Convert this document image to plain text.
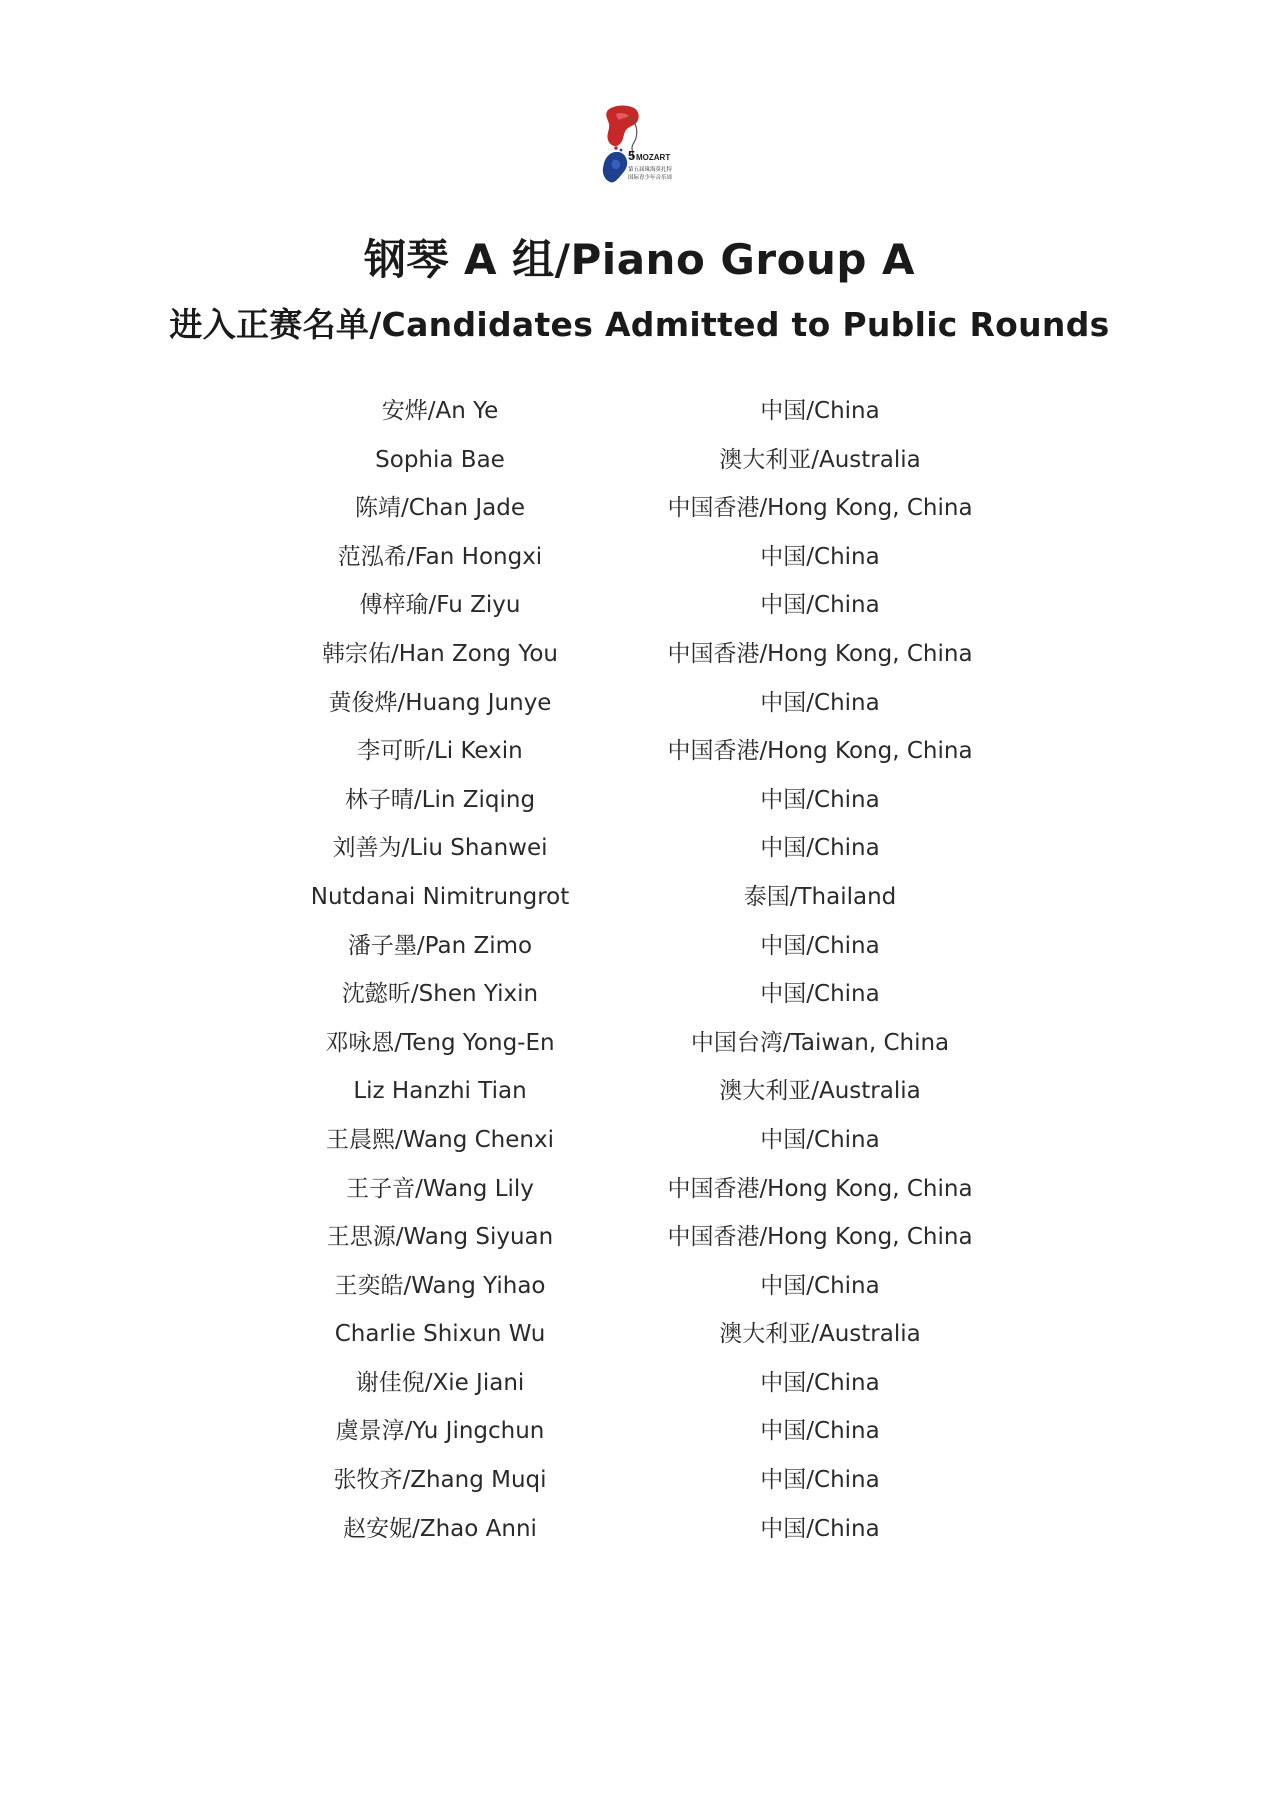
5 MOZART
第五届珠海莫扎特
国际青少年音乐周
钢琴 A 组/Piano Group A
进入正赛名单/Candidates Admitted to Public Rounds
安烨/An Ye	中国/China
Sophia Bae	澳大利亚/Australia
陈靖/Chan Jade	中国香港/Hong Kong, China
范泓希/Fan Hongxi	中国/China
傅梓瑜/Fu Ziyu	中国/China
韩宗佑/Han Zong You	中国香港/Hong Kong, China
黄俊烨/Huang Junye	中国/China
李可昕/Li Kexin	中国香港/Hong Kong, China
林子晴/Lin Ziqing	中国/China
刘善为/Liu Shanwei	中国/China
Nutdanai Nimitrungrot	泰国/Thailand
潘子墨/Pan Zimo	中国/China
沈懿昕/Shen Yixin	中国/China
邓咏恩/Teng Yong-En	中国台湾/Taiwan, China
Liz Hanzhi Tian	澳大利亚/Australia
王晨熙/Wang Chenxi	中国/China
王子音/Wang Lily	中国香港/Hong Kong, China
王思源/Wang Siyuan	中国香港/Hong Kong, China
王奕皓/Wang Yihao	中国/China
Charlie Shixun Wu	澳大利亚/Australia
谢佳倪/Xie Jiani	中国/China
虞景淳/Yu Jingchun	中国/China
张牧齐/Zhang Muqi	中国/China
赵安妮/Zhao Anni	中国/China
